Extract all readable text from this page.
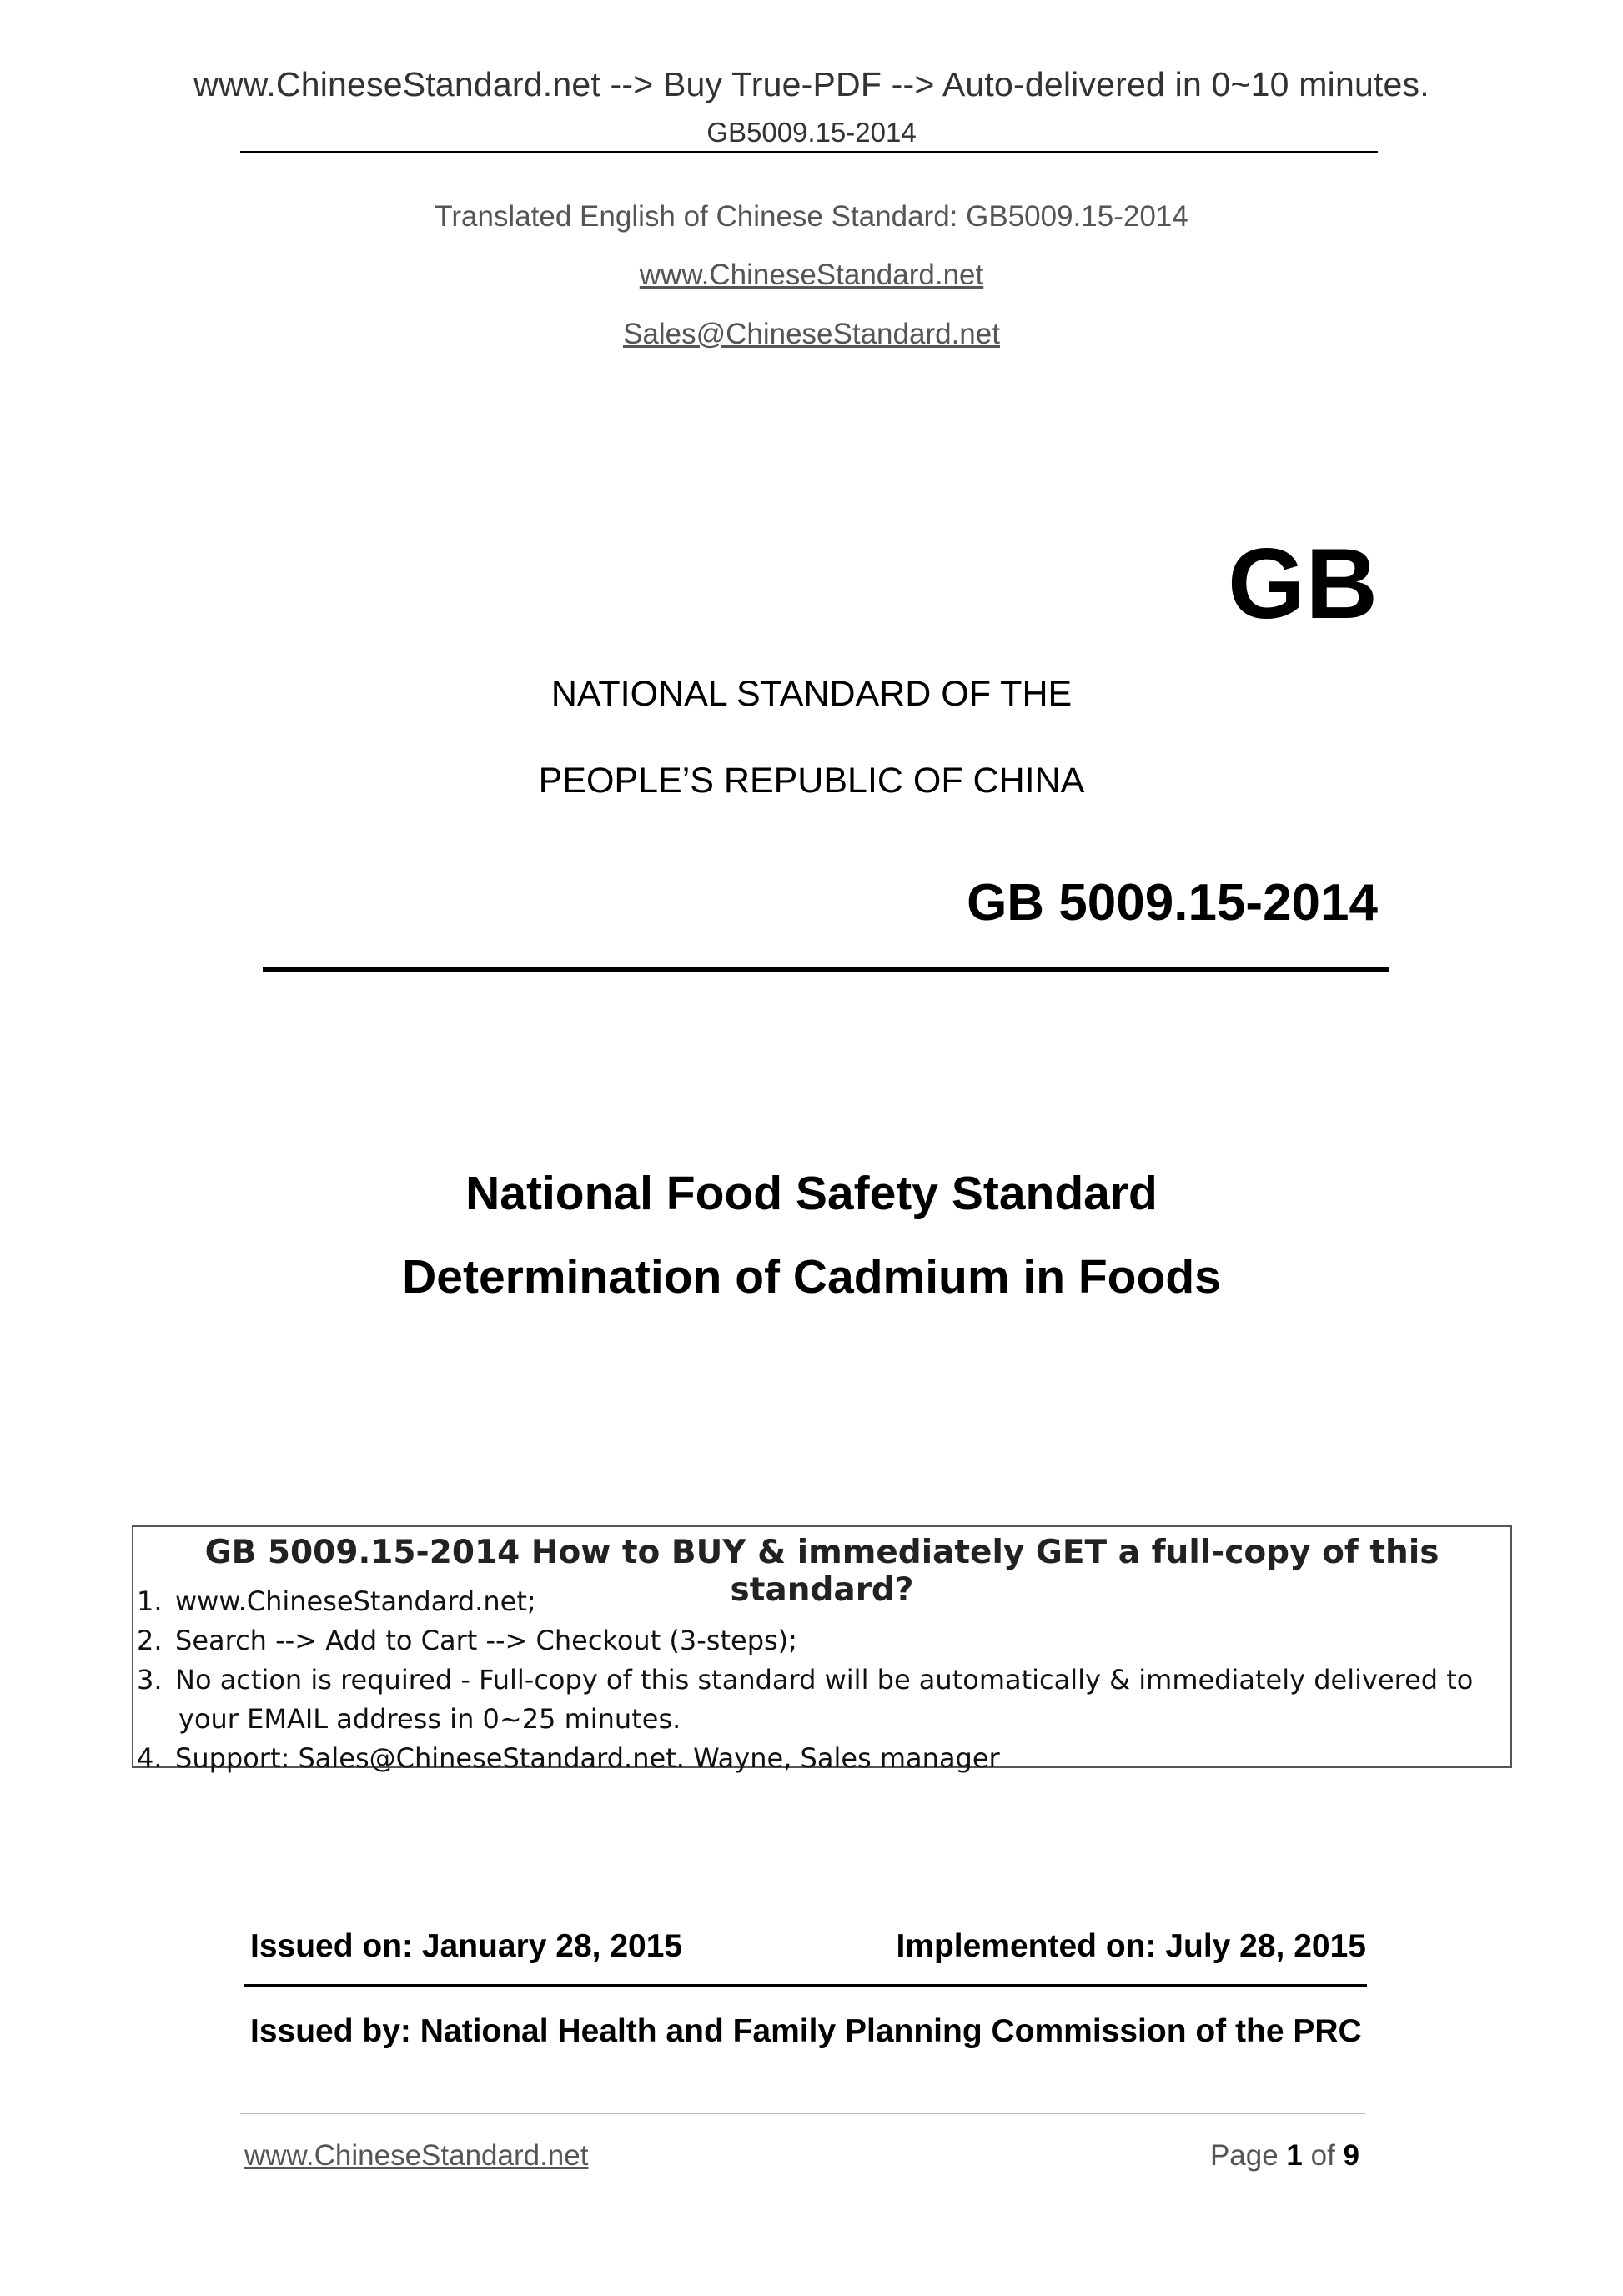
www.ChineseStandard.net --> Buy True-PDF --> Auto-delivered in 0~10 minutes.
GB5009.15-2014
Translated English of Chinese Standard: GB5009.15-2014
www.ChineseStandard.net
Sales@ChineseStandard.net
GB
NATIONAL STANDARD OF THE
PEOPLE’S REPUBLIC OF CHINA
GB 5009.15-2014
National Food Safety Standard
Determination of Cadmium in Foods
GB 5009.15-2014 How to BUY & immediately GET a full-copy of this standard?
1. www.ChineseStandard.net;
2. Search --> Add to Cart --> Checkout (3-steps);
3. No action is required - Full-copy of this standard will be automatically & immediately delivered to
your EMAIL address in 0~25 minutes.
4. Support: Sales@ChineseStandard.net. Wayne, Sales manager
Issued on: January 28, 2015	Implemented on: July 28, 2015
Issued by: National Health and Family Planning Commission of the PRC
www.ChineseStandard.net	Page 1 of 9
